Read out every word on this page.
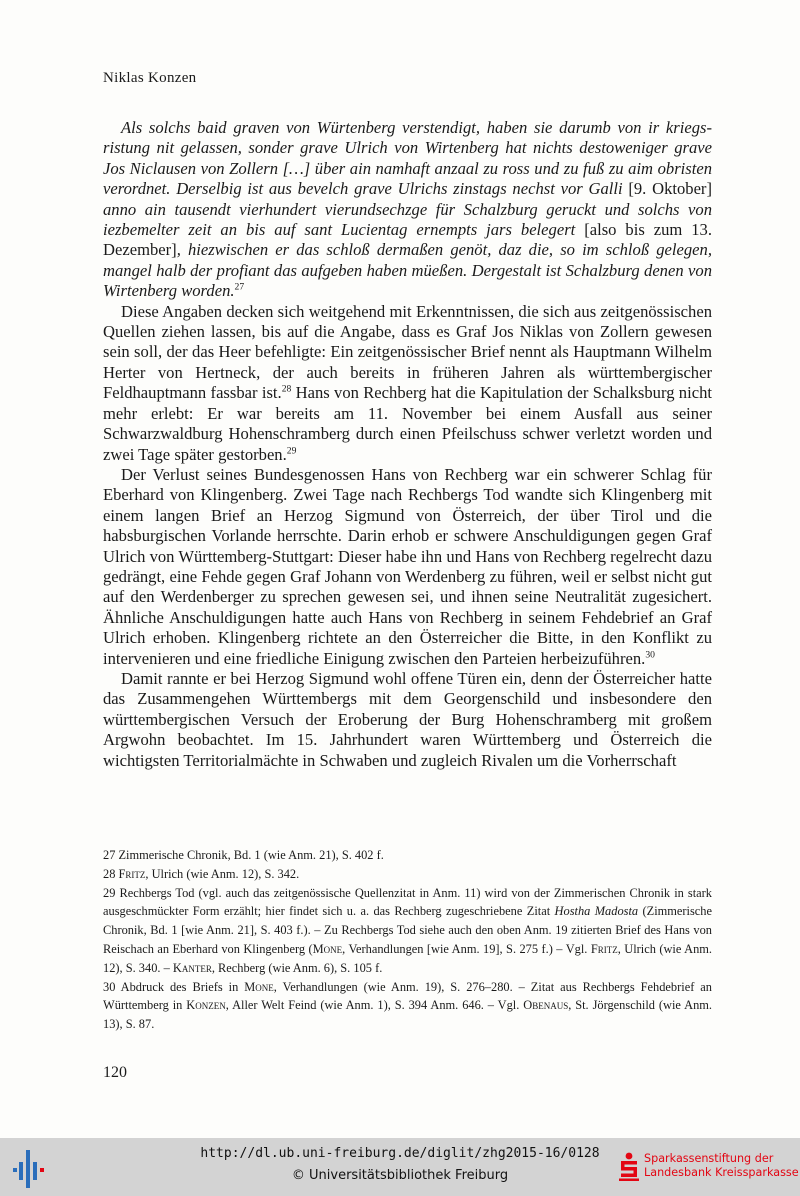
Niklas Konzen

Als solchs baid graven von Würtenberg verstendigt, haben sie darumb von ir kriegsristung nit gelassen, sonder grave Ulrich von Wirtenberg hat nichts destoweniger grave Jos Niclausen von Zollern […] über ain namhaft anzaal zu ross und zu fuß zu aim obristen verordnet. Derselbig ist aus bevelch grave Ulrichs zinstags nechst vor Galli [9. Oktober] anno ain tausendt vierhundert vierundsechzge für Schalzburg geruckt und solchs von iezbemelter zeit an bis auf sant Lucientag ernempts jars belegert [also bis zum 13. Dezember], hiezwischen er das schloß dermaßen genöt, daz die, so im schloß gelegen, mangel halb der profiant das aufgeben haben müeßen. Dergestalt ist Schalzburg denen von Wirtenberg worden.$^{27}$

Diese Angaben decken sich weitgehend mit Erkenntnissen, die sich aus zeitgenössischen Quellen ziehen lassen, bis auf die Angabe, dass es Graf Jos Niklas von Zollern gewesen sein soll, der das Heer befehligte: Ein zeitgenössischer Brief nennt als Hauptmann Wilhelm Herter von Hertneck, der auch bereits in früheren Jahren als württembergischer Feldhauptmann fassbar ist.$^{28}$ Hans von Rechberg hat die Kapitulation der Schalksburg nicht mehr erlebt: Er war bereits am 11. November bei einem Ausfall aus seiner Schwarzwaldburg Hohenschramberg durch einen Pfeilschuss schwer verletzt worden und zwei Tage später gestorben.$^{29}$

Der Verlust seines Bundesgenossen Hans von Rechberg war ein schwerer Schlag für Eberhard von Klingenberg. Zwei Tage nach Rechbergs Tod wandte sich Klingenberg mit einem langen Brief an Herzog Sigmund von Österreich, der über Tirol und die habsburgischen Vorlande herrschte. Darin erhob er schwere Anschuldigungen gegen Graf Ulrich von Württemberg-Stuttgart: Dieser habe ihn und Hans von Rechberg regelrecht dazu gedrängt, eine Fehde gegen Graf Johann von Werdenberg zu führen, weil er selbst nicht gut auf den Werdenberger zu sprechen gewesen sei, und ihnen seine Neutralität zugesichert. Ähnliche Anschuldigungen hatte auch Hans von Rechberg in seinem Fehdebrief an Graf Ulrich erhoben. Klingenberg richtete an den Österreicher die Bitte, in den Konflikt zu intervenieren und eine friedliche Einigung zwischen den Parteien herbeizuführen.$^{30}$

Damit rannte er bei Herzog Sigmund wohl offene Türen ein, denn der Österreicher hatte das Zusammengehen Württembergs mit dem Georgenschild und insbesondere den württembergischen Versuch der Eroberung der Burg Hohenschramberg mit großem Argwohn beobachtet. Im 15. Jahrhundert waren Württemberg und Österreich die wichtigsten Territorialmächte in Schwaben und zugleich Rivalen um die Vorherrschaft

27 Zimmerische Chronik, Bd. 1 (wie Anm. 21), S. 402 f.
28 Fritz, Ulrich (wie Anm. 12), S. 342.
29 Rechbergs Tod (vgl. auch das zeitgenössische Quellenzitat in Anm. 11) wird von der Zimmerischen Chronik in stark ausgeschmückter Form erzählt; hier findet sich u. a. das Rechberg zugeschriebene Zitat Hostha Madosta (Zimmerische Chronik, Bd. 1 [wie Anm. 21], S. 403 f.). – Zu Rechbergs Tod siehe auch den oben Anm. 19 zitierten Brief des Hans von Reischach an Eberhard von Klingenberg (Mone, Verhandlungen [wie Anm. 19], S. 275 f.) – Vgl. Fritz, Ulrich (wie Anm. 12), S. 340. – Kanter, Rechberg (wie Anm. 6), S. 105 f.
30 Abdruck des Briefs in Mone, Verhandlungen (wie Anm. 19), S. 276–280. – Zitat aus Rechbergs Fehdebrief an Württemberg in Konzen, Aller Welt Feind (wie Anm. 1), S. 394 Anm. 646. – Vgl. Obenaus, St. Jörgenschild (wie Anm. 13), S. 87.
120
http://dl.ub.uni-freiburg.de/diglit/zhg2015-16/0128
© Universitätsbibliothek Freiburg
Sparkassenstiftung der
Landesbank Kreissparkasse
